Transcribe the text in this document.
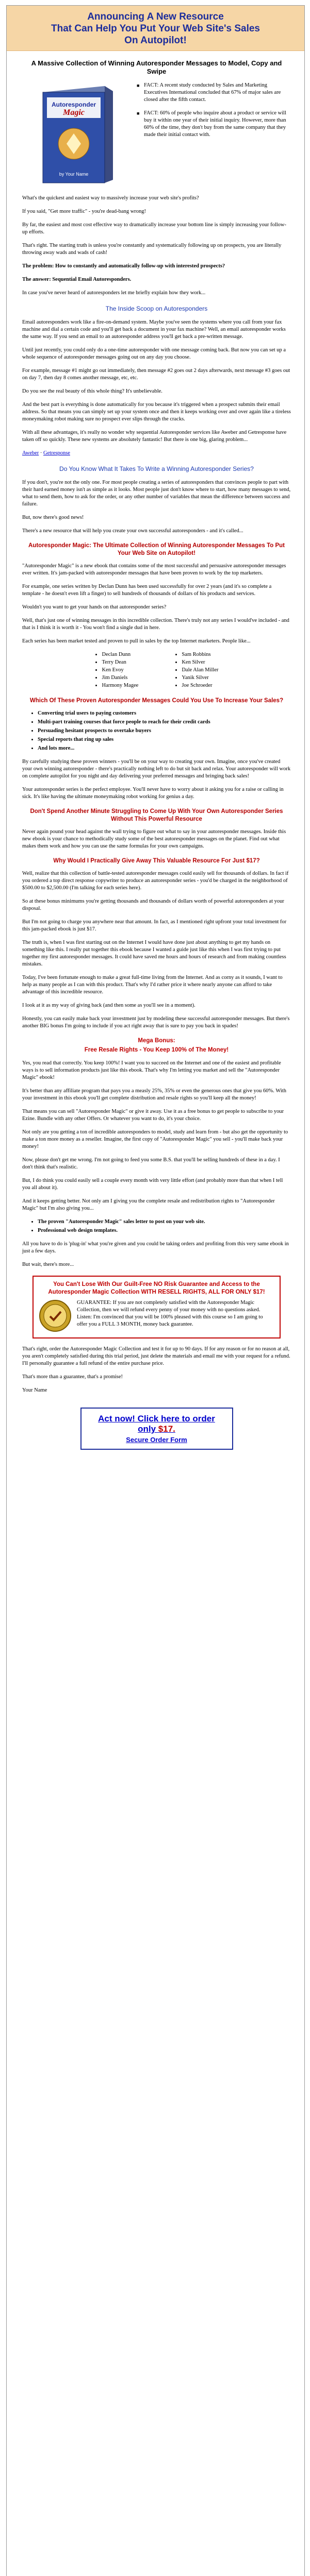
Announcing A New Resource
That Can Help You Put Your Web Site's Sales
On Autopilot!
A Massive Collection of Winning Autoresponder Messages to Model, Copy and Swipe
Autoresponder
Magic
by Your Name
■ FACT: A recent study conducted by Sales and Marketing Executives International concluded that 67% of major sales are closed after the fifth contact.
■ FACT: 60% of people who inquire about a product or service will buy it within one year of their initial inquiry. However, more than 60% of the time, they don't buy from the same company that they made their initial contact with.

What's the quickest and easiest way to massively increase your web site's profits?

If you said, "Get more traffic" - you're dead-bang wrong!

By far, the easiest and most cost effective way to dramatically increase your bottom line is simply increasing your follow-up efforts.

That's right. The starting truth is unless you're constantly and systematically following up on prospects, you are literally throwing away wads and wads of cash!

The problem: How to constantly and automatically follow-up with interested prospects?

The answer: Sequential Email Autoresponders.

In case you've never heard of autoresponders let me briefly explain how they work...

The Inside Scoop on Autoresponders

Email autoresponders work like a fire-on-demand system. Maybe you've seen the systems where you call from your fax machine and dial a certain code and you'll get back a document in your fax machine? Well, an email autoresponder works the same way. If you send an email to an autoresponder address you'll get back a pre-written message.

Until just recently, you could only do a one-time autoresponder with one message coming back. But now you can set up a whole sequence of autoresponder messages going out on any day you choose.

For example, message #1 might go out immediately, then message #2 goes out 2 days afterwards, next message #3 goes out on day 7, then day 8 comes another message, etc, etc.

Do you see the real beauty of this whole thing? It's unbelievable.

And the best part is everything is done automatically for you because it's triggered when a prospect submits their email address. So that means you can simply set up your system once and then it keeps working over and over again like a tireless moneymaking robot making sure no prospect ever slips through the cracks.

With all these advantages, it's really no wonder why sequential Autoresponder services like Aweber and Getresponse have taken off so quickly. These new systems are absolutely fantastic! But there is one big, glaring problem...

Aweber · Getresponse

Do You Know What It Takes To Write a Winning Autoresponder Series?

If you don't, you're not the only one. For most people creating a series of autoresponders that convinces people to part with their hard earned money isn't as simple as it looks. Most people just don't know where to start, how many messages to send, what to send them, how to ask for the order, or any other number of variables that mean the difference between success and failure.

But, now there's good news!

There's a new resource that will help you create your own successful autoresponders - and it's called...

Autoresponder Magic: The Ultimate Collection of Winning Autoresponder Messages To Put Your Web Site on Autopilot!

"Autoresponder Magic" is a new ebook that contains some of the most successful and persuasive autoresponder messages ever written. It's jam-packed with autoresponder messages that have been proven to work by the top marketers.

For example, one series written by Declan Dunn has been used successfully for over 2 years (and it's so complete a template - he doesn't even lift a finger) to sell hundreds of thousands of dollars of his products and services.

Wouldn't you want to get your hands on that autoresponder series?

Well, that's just one of winning messages in this incredible collection. There's truly not any series I would've included - and that is I think it is worth it - You won't find a single dud in here.

Each series has been market tested and proven to pull in sales by the top Internet marketers. People like...

• Declan Dunn
• Terry Dean
• Ken Evoy
• Jim Daniels
• Harmony Magee
• Sam Robbins
• Ken Silver
• Dale Alan Miller
• Yanik Silver
• Joe Schroeder
Which Of These Proven Autoresponder Messages Could You Use To Increase Your Sales?
• Converting trial users to paying customers
• Multi-part training courses that force people to reach for their credit cards
• Persuading hesitant prospects to overtake buyers
• Special reports that ring up sales
• And lots more...

By carefully studying these proven winners - you'll be on your way to creating your own. Imagine, once you've created your own winning autoresponder - there's practically nothing left to do but sit back and relax. Your autoresponder will work on complete autopilot for you night and day delivering your preferred messages and bringing back sales!

Your autoresponder series is the perfect employee. You'll never have to worry about it asking you for a raise or calling in sick. It's like having the ultimate moneymaking robot working for genius a day.

Don't Spend Another Minute Struggling to Come Up With Your Own Autoresponder Series Without This Powerful Resource

Never again pound your head against the wall trying to figure out what to say in your autoresponder messages. Inside this new ebook is your chance to methodically study some of the best autoresponder messages on the planet. Find out what makes them work and how you can use the same formulas for your own campaigns.

Why Would I Practically Give Away This Valuable Resource For Just $17?

Well, realize that this collection of battle-tested autoresponder messages could easily sell for thousands of dollars. In fact if you ordered a top direct response copywriter to produce an autoresponder series - you'd be charged in the neighborhood of $500.00 to $2,500.00 (I'm talking for each series here).

So at these bonus minimums you're getting thousands and thousands of dollars worth of powerful autoresponders at your disposal.

But I'm not going to charge you anywhere near that amount. In fact, as I mentioned right upfront your total investment for this jam-packed ebook is just $17.

The truth is, when I was first starting out on the Internet I would have done just about anything to get my hands on something like this. I really put together this ebook because I wanted a guide just like this when I was first trying to put together my first autoresponder messages. It could have saved me hours and hours of research and from making countless mistakes.

Today, I've been fortunate enough to make a great full-time living from the Internet. And as corny as it sounds, I want to help as many people as I can with this product. That's why I'd rather price it where nearly anyone can afford to take advantage of this incredible resource.

I look at it as my way of giving back (and then some as you'll see in a moment).

Honestly, you can easily make back your investment just by modeling these successful autoresponder messages. But there's another BIG bonus I'm going to include if you act right away that is sure to pay you back in spades!

Mega Bonus:
Free Resale Rights - You Keep 100% of The Money!

Yes, you read that correctly. You keep 100%! I want you to succeed on the Internet and one of the easiest and profitable ways is to sell information products just like this ebook. That's why I'm letting you market and sell the "Autoresponder Magic" ebook!

It's better than any affiliate program that pays you a measly 25%, 35% or even the generous ones that give you 60%. With your investment in this ebook you'll get complete distribution and resale rights so you'll keep all the money!

That means you can sell "Autoresponder Magic" or give it away. Use it as a free bonus to get people to subscribe to your Ezine. Bundle with any other Offers. Or whatever you want to do, it's your choice.

Not only are you getting a ton of incredible autoresponders to model, study and learn from - but also get the opportunity to make a ton more money as a reseller. Imagine, the first copy of "Autoresponder Magic" you sell - you'll make back your money!

Now, please don't get me wrong. I'm not going to feed you some B.S. that you'll be selling hundreds of these in a day. I don't think that's realistic.

But, I do think you could easily sell a couple every month with very little effort (and probably more than that when I tell you all about it).

And it keeps getting better. Not only am I giving you the complete resale and redistribution rights to "Autoresponder Magic" but I'm also giving you...

• The proven "Autoresponder Magic" sales letter to post on your web site.
• Professional web design templates.

All you have to do is 'plug-in' what you're given and you could be taking orders and profiting from this very same ebook in just a few days.

But wait, there's more...

You Can't Lose With Our Guilt-Free NO Risk Guarantee and Access to the Autoresponder Magic Collection WITH RESELL RIGHTS, ALL FOR ONLY $17!
GUARANTEE: If you are not completely satisfied with the Autoresponder Magic Collection, then we will refund every penny of your money with no questions asked. Listen: I'm convinced that you will be 100% pleased with this course so I am going to offer you a FULL 3 MONTH, money back guarantee.

That's right, order the Autoresponder Magic Collection and test it for up to 90 days. If for any reason or for no reason at all, you aren't completely satisfied during this trial period, just delete the materials and email me with your request for a refund. I'll personally guarantee a full refund of the entire purchase price.

That's more than a guarantee, that's a promise!

Your Name

Act now! Click here to order
only $17.
Secure Order Form
